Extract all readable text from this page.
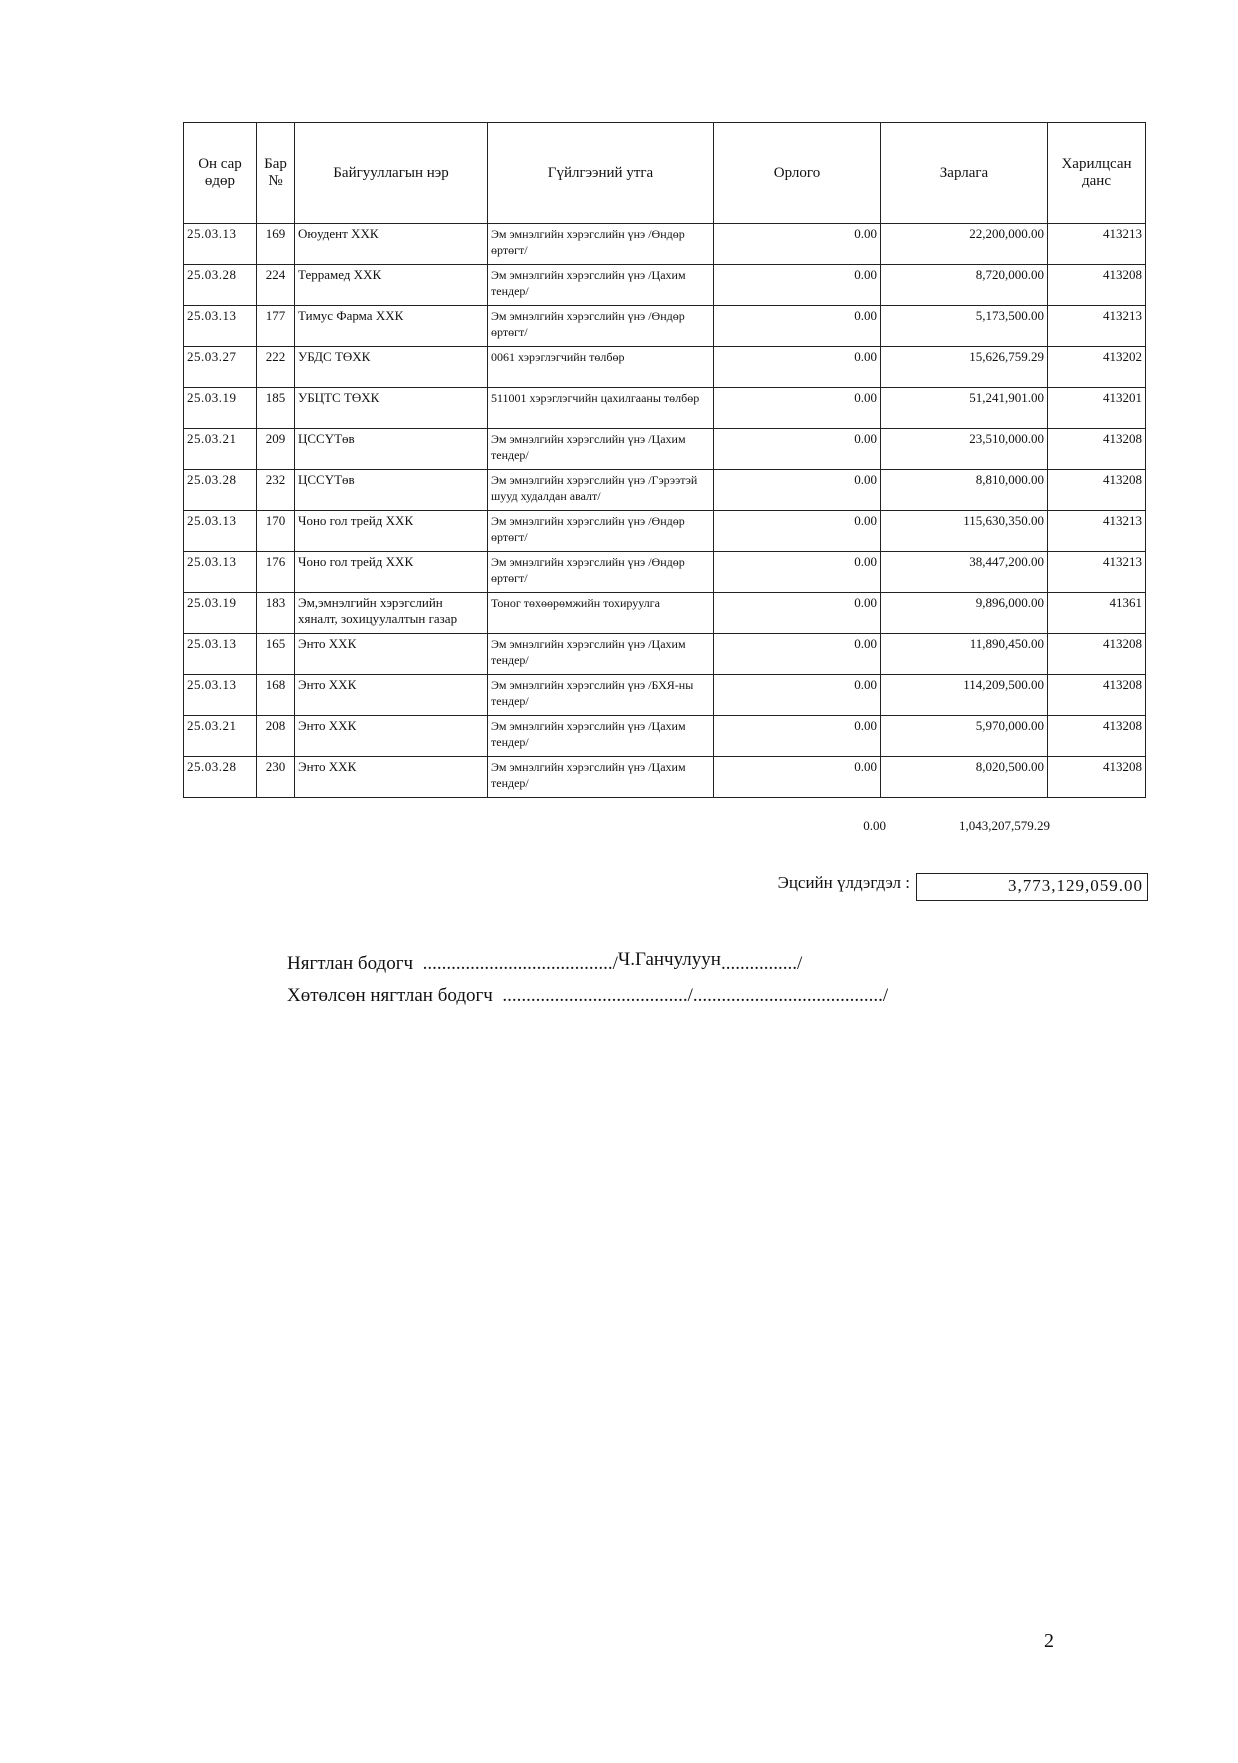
Он сар өдөр	Бар №	Байгууллагын нэр	Гүйлгээний утга	Орлого	Зарлага	Харилцсан данс
25.03.13	169	Оюудент ХХК	Эм эмнэлгийн хэрэгслийн үнэ /Өндөр өртөгт/	0.00	22,200,000.00	413213
25.03.28	224	Террамед ХХК	Эм эмнэлгийн хэрэгслийн үнэ /Цахим тендер/	0.00	8,720,000.00	413208
25.03.13	177	Тимус Фарма ХХК	Эм эмнэлгийн хэрэгслийн үнэ /Өндөр өртөгт/	0.00	5,173,500.00	413213
25.03.27	222	УБДС ТӨХК	0061 хэрэглэгчийн төлбөр	0.00	15,626,759.29	413202
25.03.19	185	УБЦТС ТӨХК	511001 хэрэглэгчийн цахилгааны төлбөр	0.00	51,241,901.00	413201
25.03.21	209	ЦССҮТөв	Эм эмнэлгийн хэрэгслийн үнэ /Цахим тендер/	0.00	23,510,000.00	413208
25.03.28	232	ЦССҮТөв	Эм эмнэлгийн хэрэгслийн үнэ /Гэрээтэй шууд худалдан авалт/	0.00	8,810,000.00	413208
25.03.13	170	Чоно гол трейд ХХК	Эм эмнэлгийн хэрэгслийн үнэ /Өндөр өртөгт/	0.00	115,630,350.00	413213
25.03.13	176	Чоно гол трейд ХХК	Эм эмнэлгийн хэрэгслийн үнэ /Өндөр өртөгт/	0.00	38,447,200.00	413213
25.03.19	183	Эм,эмнэлгийн хэрэгслийн хяналт, зохицуулалтын газар	Тоног төхөөрөмжийн тохируулга	0.00	9,896,000.00	41361
25.03.13	165	Энто ХХК	Эм эмнэлгийн хэрэгслийн үнэ /Цахим тендер/	0.00	11,890,450.00	413208
25.03.13	168	Энто ХХК	Эм эмнэлгийн хэрэгслийн үнэ /БХЯ-ны тендер/	0.00	114,209,500.00	413208
25.03.21	208	Энто ХХК	Эм эмнэлгийн хэрэгслийн үнэ /Цахим тендер/	0.00	5,970,000.00	413208
25.03.28	230	Энто ХХК	Эм эмнэлгийн хэрэгслийн үнэ /Цахим тендер/	0.00	8,020,500.00	413208
0.00	1,043,207,579.29
Эцсийн үлдэгдэл :	3,773,129,059.00
Нягтлан бодогч  ......................................../Ч.Ганчулуун................/
Хөтөлсөн нягтлан бодогч  ......................................./......................................../
2
